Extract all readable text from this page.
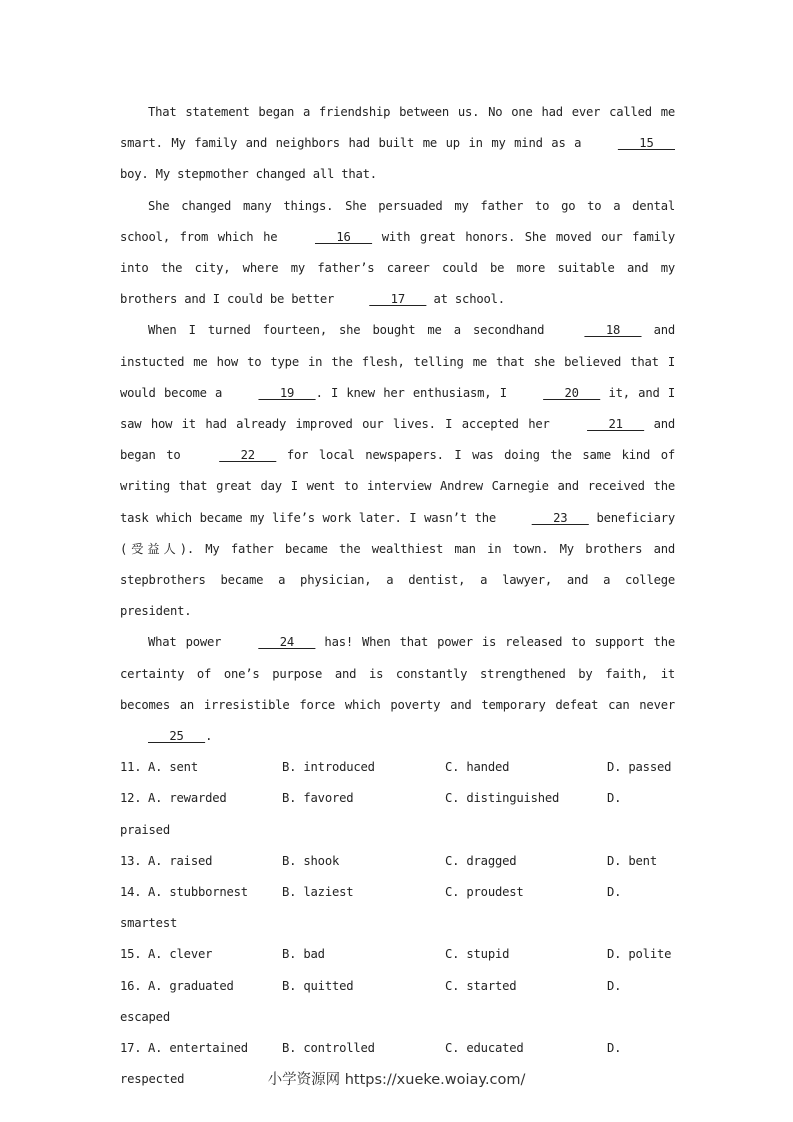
That statement began a friendship between us. No one had ever called me smart. My family and neighbors had built me up in my mind as a    15    boy. My stepmother changed all that.

She changed many things. She persuaded my father to go to a dental school, from which he    16    with great honors. She moved our family into the city, where my father’s career could be more suitable and my brothers and I could be better    17    at school.

When I turned fourteen, she bought me a secondhand    18    and instucted me how to type in the flesh, telling me that she believed that I would become a    19   . I knew her enthusiasm, I    20    it, and I saw how it had already improved our lives. I accepted her    21    and began to    22    for local newspapers. I was doing the same kind of writing that great day I went to interview Andrew Carnegie and received the task which became my life’s work later. I wasn’t the    23    beneficiary (受益人). My father became the wealthiest man in town. My brothers and stepbrothers became a physician, a dentist, a lawyer, and a college president.

What power    24    has! When that power is released to support the certainty of one’s purpose and is constantly strengthened by faith, it becomes an irresistible force which poverty and temporary defeat can never    25   .

11. A. sent	B. introduced	C. handed	D. passed
12. A. rewarded	B. favored	C. distinguished	D.
praised
13. A. raised	B. shook	C. dragged	D. bent
14. A. stubbornest	B. laziest	C. proudest	D.
smartest
15. A. clever	B. bad	C. stupid	D. polite
16. A. graduated	B. quitted	C. started	D.
escaped
17. A. entertained	B. controlled	C. educated	D.
respected	小学资源网 https://xueke.woiay.com/
